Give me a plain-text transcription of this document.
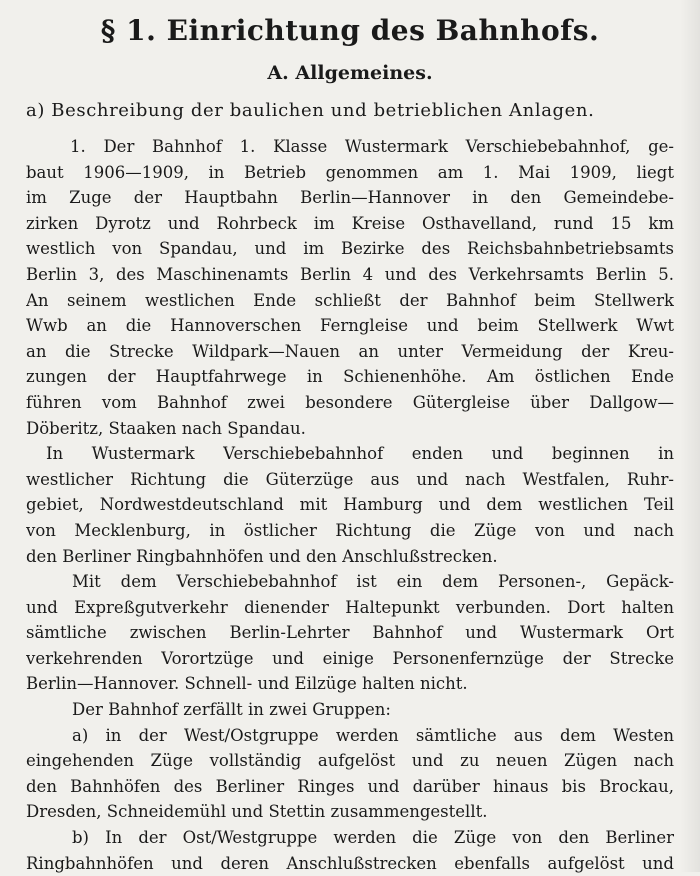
§ 1. Einrichtung des Bahnhofs.
A. Allgemeines.
a) Beschreibung der baulichen und betrieblichen Anlagen.
1. Der Bahnhof 1. Klasse Wustermark Verschiebebahnhof, ge-
baut 1906—1909, in Betrieb genommen am 1. Mai 1909, liegt
im Zuge der Hauptbahn Berlin—Hannover in den Gemeindebe-
zirken Dyrotz und Rohrbeck im Kreise Osthavelland, rund 15 km
westlich von Spandau, und im Bezirke des Reichsbahnbetriebsamts
Berlin 3, des Maschinenamts Berlin 4 und des Verkehrsamts Berlin 5.
An seinem westlichen Ende schließt der Bahnhof beim Stellwerk
Wwb an die Hannoverschen Ferngleise und beim Stellwerk Wwt
an die Strecke Wildpark—Nauen an unter Vermeidung der Kreu-
zungen der Hauptfahrwege in Schienenhöhe. Am östlichen Ende
führen vom Bahnhof zwei besondere Gütergleise über Dallgow—
Döberitz, Staaken nach Spandau.
In Wustermark Verschiebebahnhof enden und beginnen in
westlicher Richtung die Güterzüge aus und nach Westfalen, Ruhr-
gebiet, Nordwestdeutschland mit Hamburg und dem westlichen Teil
von Mecklenburg, in östlicher Richtung die Züge von und nach
den Berliner Ringbahnhöfen und den Anschlußstrecken.
Mit dem Verschiebebahnhof ist ein dem Personen-, Gepäck-
und Expreßgutverkehr dienender Haltepunkt verbunden. Dort halten
sämtliche zwischen Berlin-Lehrter Bahnhof und Wustermark Ort
verkehrenden Vorortzüge und einige Personenfernzüge der Strecke
Berlin—Hannover. Schnell- und Eilzüge halten nicht.
Der Bahnhof zerfällt in zwei Gruppen:
a) in der West/Ostgruppe werden sämtliche aus dem Westen
eingehenden Züge vollständig aufgelöst und zu neuen Zügen nach
den Bahnhöfen des Berliner Ringes und darüber hinaus bis Brockau,
Dresden, Schneidemühl und Stettin zusammengestellt.
b) In der Ost/Westgruppe werden die Züge von den Berliner
Ringbahnhöfen und deren Anschlußstrecken ebenfalls aufgelöst und
